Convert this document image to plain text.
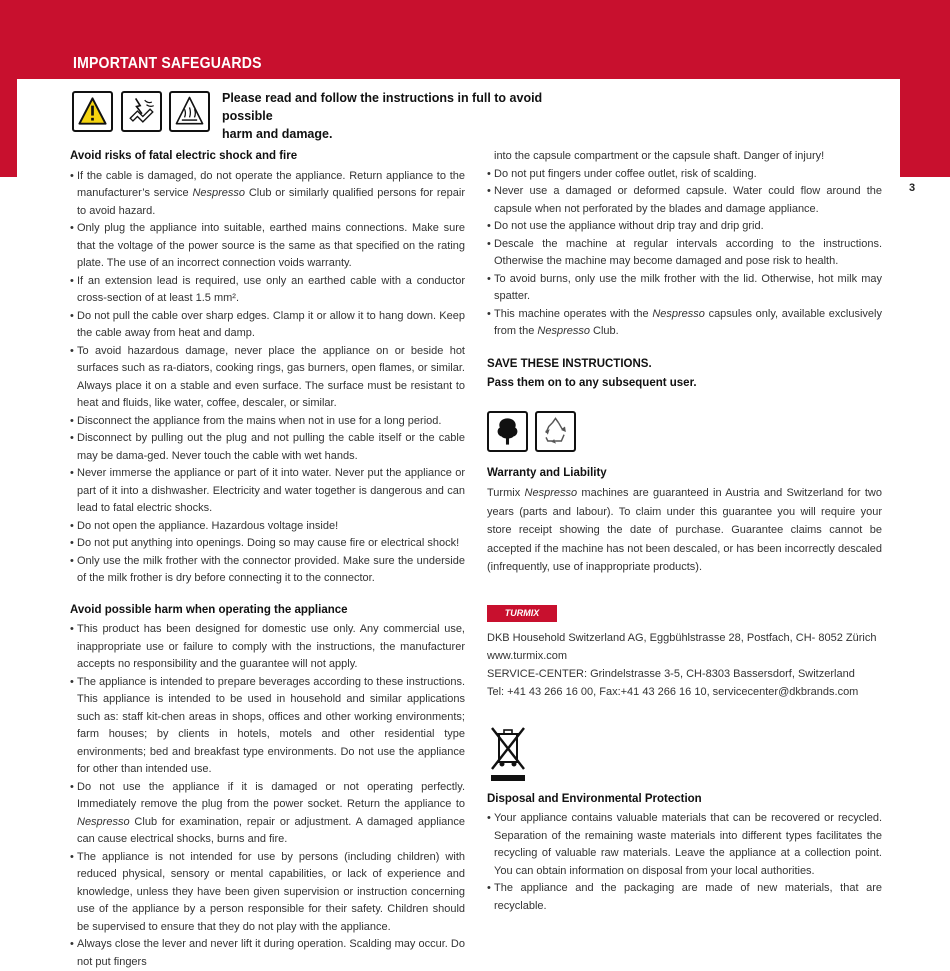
IMPORTANT SAFEGUARDS
3
Please read and follow the instructions in full to avoid possible
harm and damage.
Avoid risks of fatal electric shock and fire
• If the cable is damaged, do not operate the appliance. Return appliance to the manufacturer’s service Nespresso Club or similarly qualified persons for repair to avoid hazard.
• Only plug the appliance into suitable, earthed mains connections. Make sure that the voltage of the power source is the same as that specified on the rating plate. The use of an incorrect connection voids warranty.
• If an extension lead is required, use only an earthed cable with a conductor cross-section of at least 1.5 mm².
• Do not pull the cable over sharp edges. Clamp it or allow it to hang down. Keep the cable away from heat and damp.
• To avoid hazardous damage, never place the appliance on or beside hot surfaces such as ra-diators, cooking rings, gas burners, open flames, or similar. Always place it on a stable and even surface. The surface must be resistant to heat and fluids, like water, coffee, descaler, or similar.
• Disconnect the appliance from the mains when not in use for a long period.
• Disconnect by pulling out the plug and not pulling the cable itself or the cable may be dama-ged. Never touch the cable with wet hands.
• Never immerse the appliance or part of it into water. Never put the appliance or part of it into a dishwasher. Electricity and water together is dangerous and can lead to fatal electric shocks.
• Do not open the appliance. Hazardous voltage inside!
• Do not put anything into openings. Doing so may cause fire or electrical shock!
• Only use the milk frother with the connector provided. Make sure the underside of the milk frother is dry before connecting it to the connector.
Avoid possible harm when operating the appliance
• This product has been designed for domestic use only. Any commercial use, inappropriate use or failure to comply with the instructions, the manufacturer accepts no responsibility and the guarantee will not apply.
• The appliance is intended to prepare beverages according to these instructions. This appliance is intended to be used in household and similar applications such as: staff kit-chen areas in shops, offices and other working environments; farm houses; by clients in hotels, motels and other residential type environments; bed and breakfast type environments. Do not use the appliance for other than intended use.
• Do not use the appliance if it is damaged or not operating perfectly. Immediately remove the plug from the power socket. Return the appliance to Nespresso Club for examination, repair or adjustment. A damaged appliance can cause electrical shocks, burns and fire.
• The appliance is not intended for use by persons (including children) with reduced physical, sensory or mental capabilities, or lack of experience and knowledge, unless they have been given supervision or instruction concerning use of the appliance by a person responsible for their safety. Children should be supervised to ensure that they do not play with the appliance.
• Always close the lever and never lift it during operation. Scalding may occur. Do not put fingers
into the capsule compartment or the capsule shaft. Danger of injury!
• Do not put fingers under coffee outlet, risk of scalding.
• Never use a damaged or deformed capsule. Water could flow around the capsule when not perforated by the blades and damage appliance.
• Do not use the appliance without drip tray and drip grid.
• Descale the machine at regular intervals according to the instructions. Otherwise the machine may become damaged and pose risk to health.
• To avoid burns, only use the milk frother with the lid. Otherwise, hot milk may spatter.
• This machine operates with the Nespresso capsules only, available exclusively from the Nespresso Club.
SAVE THESE INSTRUCTIONS.
Pass them on to any subsequent user.
Warranty and Liability
Turmix Nespresso machines are guaranteed in Austria and Switzerland for two years (parts and labour). To claim under this guarantee you will require your store receipt showing the date of purchase. Guarantee claims cannot be accepted if the machine has not been descaled, or has been incorrectly descaled (infrequently, use of inappropriate products).
TURMIX
DKB Household Switzerland AG, Eggbühlstrasse 28, Postfach, CH- 8052 Zürich
www.turmix.com
SERVICE-CENTER: Grindelstrasse 3-5, CH-8303 Bassersdorf, Switzerland
Tel: +41 43 266 16 00, Fax:+41 43 266 16 10, servicecenter@dkbrands.com
Disposal and Environmental Protection
• Your appliance contains valuable materials that can be recovered or recycled. Separation of the remaining waste materials into different types facilitates the recycling of valuable raw materials. Leave the appliance at a collection point. You can obtain information on disposal from your local authorities.
• The appliance and the packaging are made of new materials, that are recyclable.
